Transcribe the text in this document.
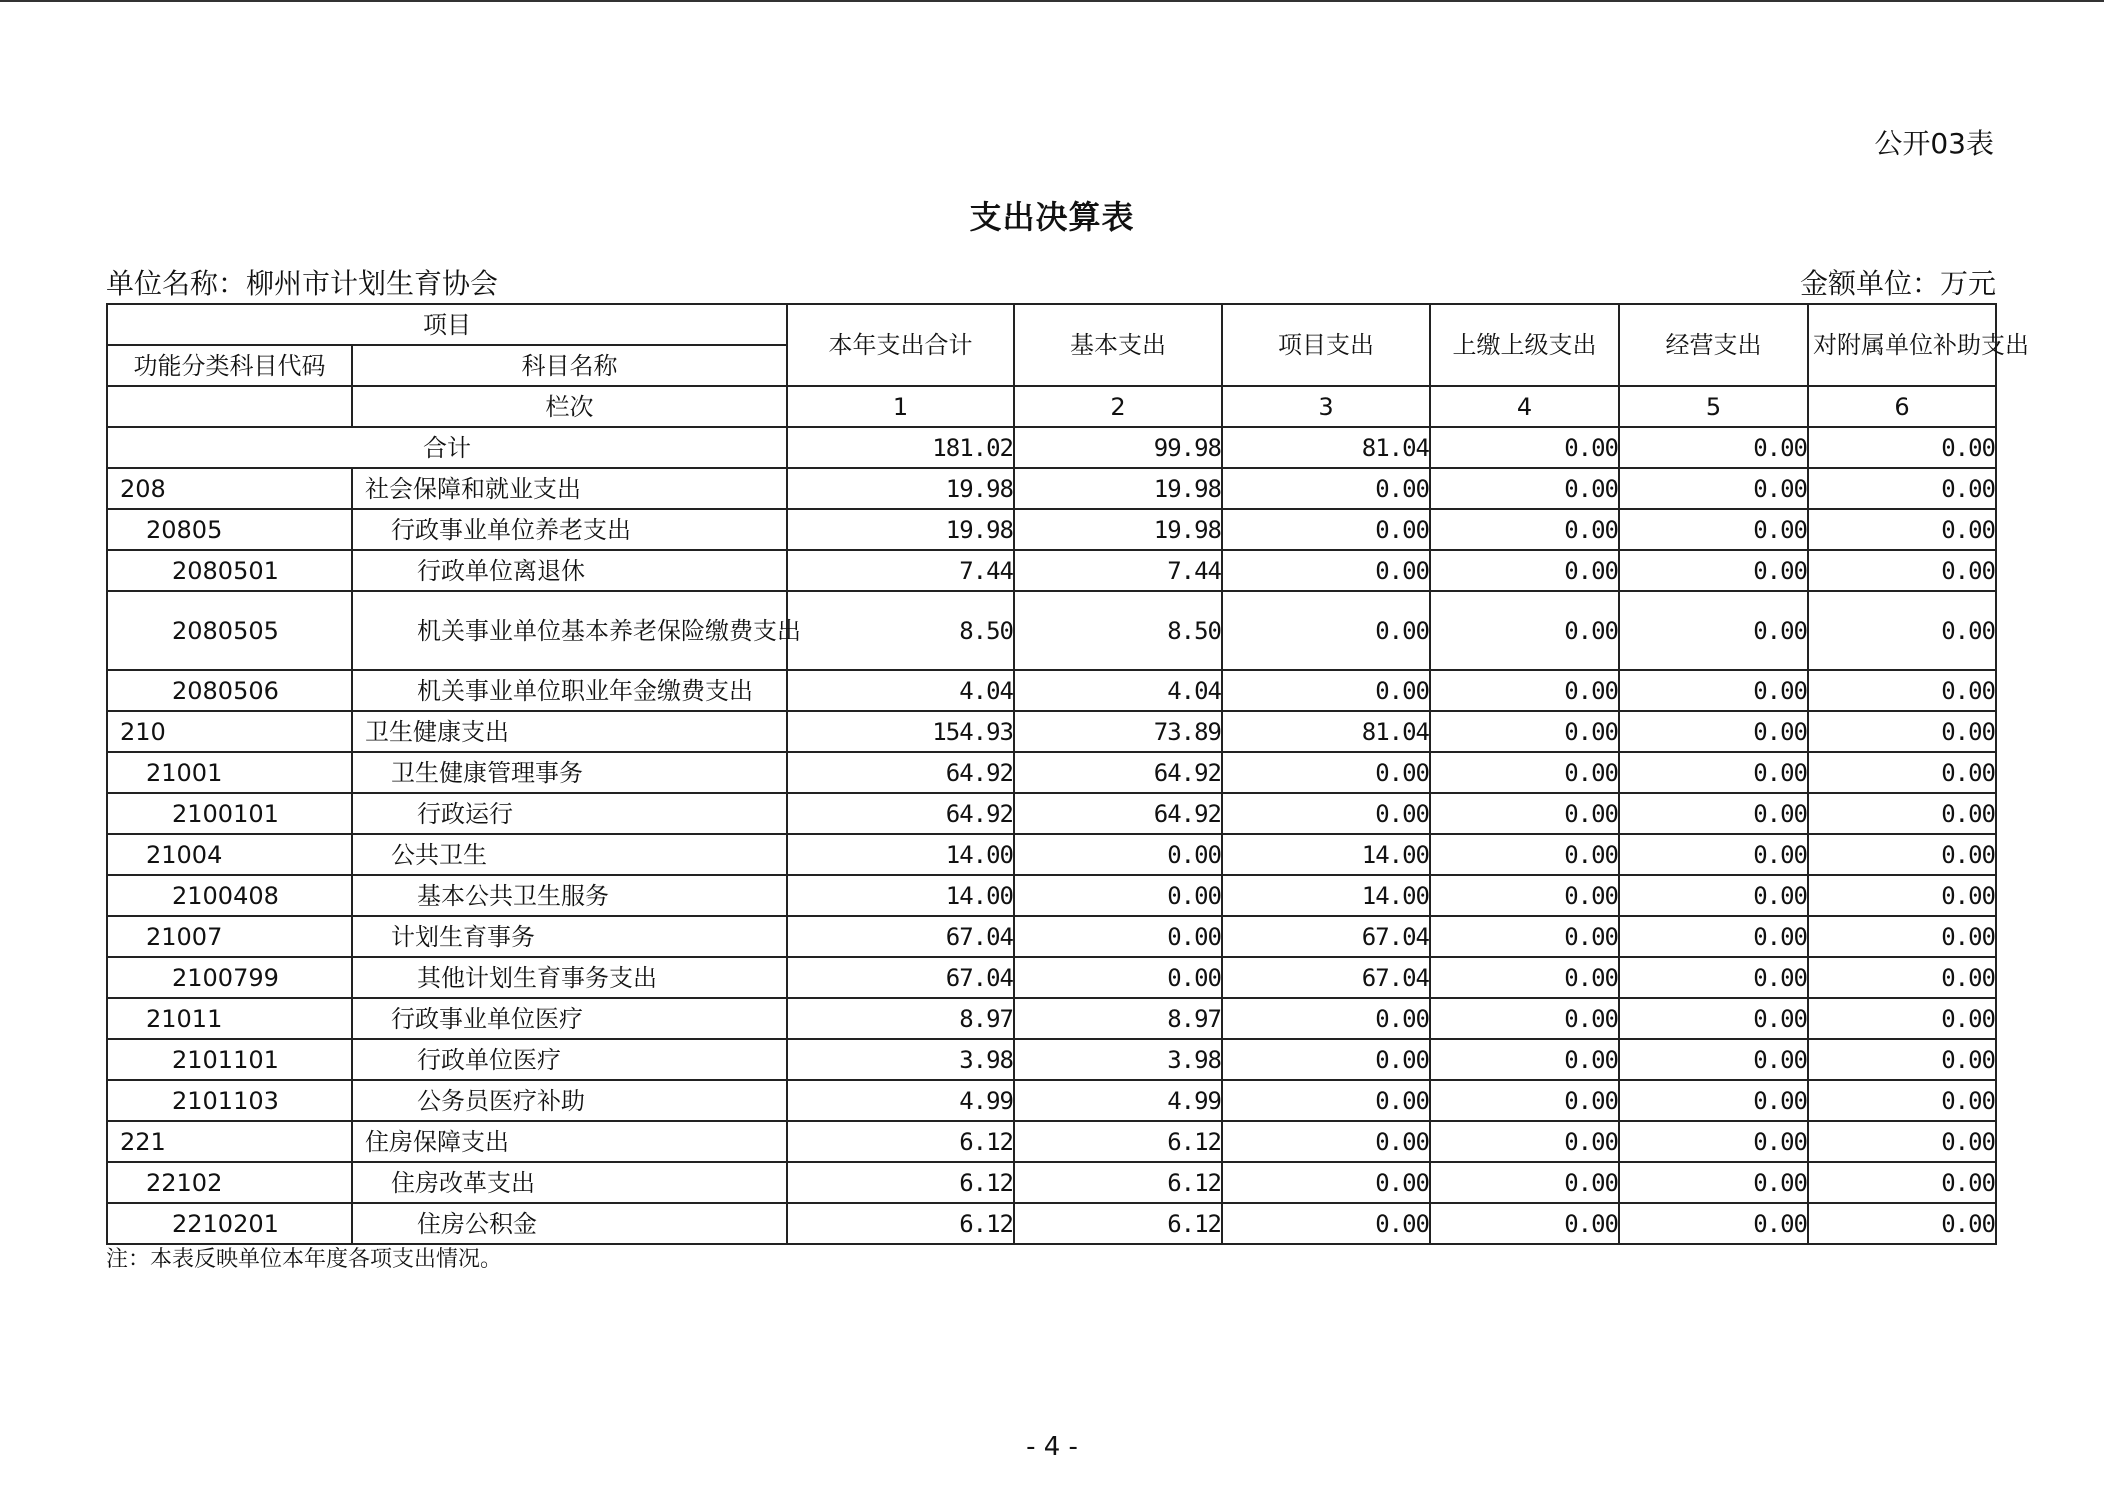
公开03表
支出决算表
单位名称：柳州市计划生育协会	金额单位：万元
项目		本年支出合计	基本支出	项目支出	上缴上级支出	经营支出	对附属单位补助支出
功能分类科目代码	科目名称						
	栏次	1	2	3	4	5	6
合计		181.02	99.98	81.04	0.00	0.00	0.00
208	社会保障和就业支出	19.98	19.98	0.00	0.00	0.00	0.00
20805	行政事业单位养老支出	19.98	19.98	0.00	0.00	0.00	0.00
2080501	行政单位离退休	7.44	7.44	0.00	0.00	0.00	0.00
2080505	机关事业单位基本养老保险缴费支出	8.50	8.50	0.00	0.00	0.00	0.00
2080506	机关事业单位职业年金缴费支出	4.04	4.04	0.00	0.00	0.00	0.00
210	卫生健康支出	154.93	73.89	81.04	0.00	0.00	0.00
21001	卫生健康管理事务	64.92	64.92	0.00	0.00	0.00	0.00
2100101	行政运行	64.92	64.92	0.00	0.00	0.00	0.00
21004	公共卫生	14.00	0.00	14.00	0.00	0.00	0.00
2100408	基本公共卫生服务	14.00	0.00	14.00	0.00	0.00	0.00
21007	计划生育事务	67.04	0.00	67.04	0.00	0.00	0.00
2100799	其他计划生育事务支出	67.04	0.00	67.04	0.00	0.00	0.00
21011	行政事业单位医疗	8.97	8.97	0.00	0.00	0.00	0.00
2101101	行政单位医疗	3.98	3.98	0.00	0.00	0.00	0.00
2101103	公务员医疗补助	4.99	4.99	0.00	0.00	0.00	0.00
221	住房保障支出	6.12	6.12	0.00	0.00	0.00	0.00
22102	住房改革支出	6.12	6.12	0.00	0.00	0.00	0.00
2210201	住房公积金	6.12	6.12	0.00	0.00	0.00	0.00
注：本表反映单位本年度各项支出情况。
- 4 -
